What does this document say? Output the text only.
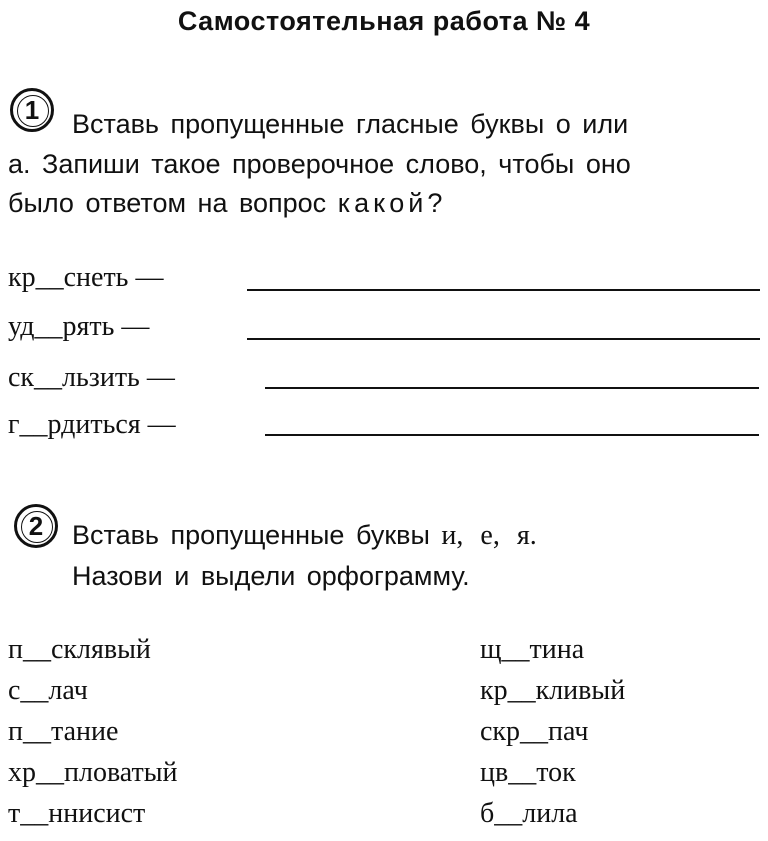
Самостоятельная работа № 4
1	Вставь пропущенные гласные буквы о или
а. Запиши такое проверочное слово, чтобы оно
было ответом на вопрос какой?
кр__снеть —
уд__рять —
ск__льзить —
г__рдиться —
2	Вставь пропущенные буквы и, е, я.
Назови и выдели орфограмму.
п__склявый
с__лач
п__тание
хр__пловатый
т__ннисист
щ__тина
кр__кливый
скр__пач
цв__ток
б__лила
